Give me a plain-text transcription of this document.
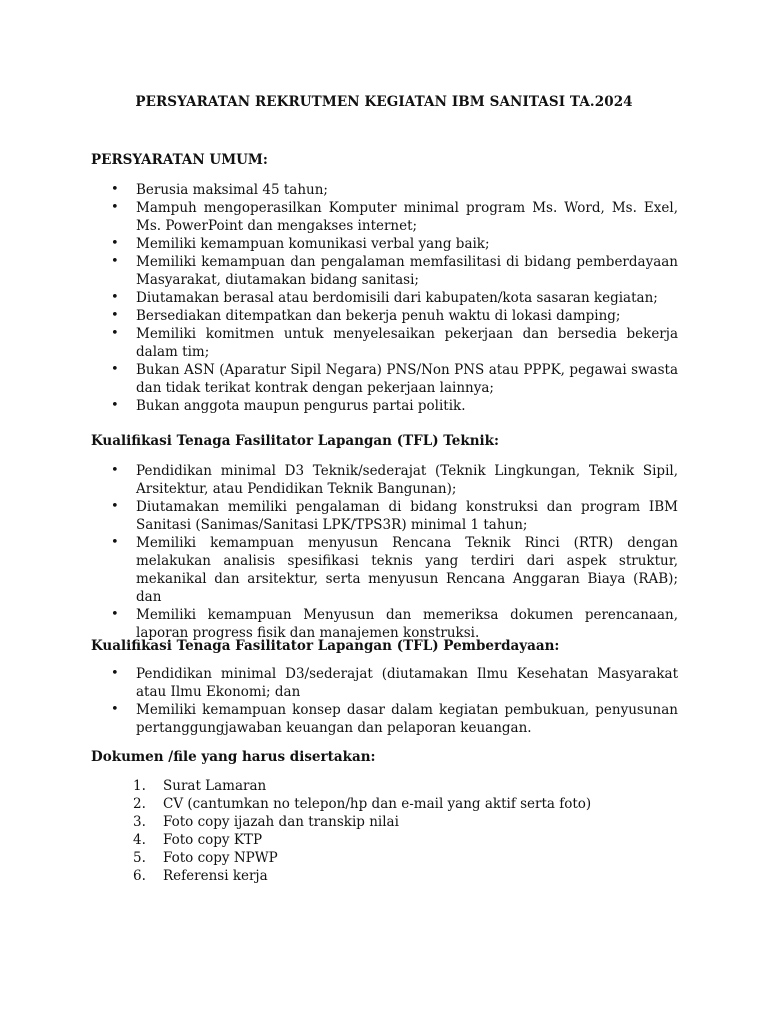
PERSYARATAN REKRUTMEN KEGIATAN IBM SANITASI TA.2024
PERSYARATAN UMUM:
•	Berusia maksimal 45 tahun;
•	Mampuh mengoperasilkan Komputer minimal program Ms. Word, Ms. Exel, Ms. PowerPoint dan mengakses internet;
•	Memiliki kemampuan komunikasi verbal yang baik;
•	Memiliki kemampuan dan pengalaman memfasilitasi di bidang pemberdayaan Masyarakat, diutamakan bidang sanitasi;
•	Diutamakan berasal atau berdomisili dari kabupaten/kota sasaran kegiatan;
•	Bersediakan ditempatkan dan bekerja penuh waktu di lokasi damping;
•	Memiliki komitmen untuk menyelesaikan pekerjaan dan bersedia bekerja dalam tim;
•	Bukan ASN (Aparatur Sipil Negara) PNS/Non PNS atau PPPK, pegawai swasta dan tidak terikat kontrak dengan pekerjaan lainnya;
•	Bukan anggota maupun pengurus partai politik.
Kualifikasi Tenaga Fasilitator Lapangan (TFL) Teknik:
•	Pendidikan minimal D3 Teknik/sederajat (Teknik Lingkungan, Teknik Sipil, Arsitektur, atau Pendidikan Teknik Bangunan);
•	Diutamakan memiliki pengalaman di bidang konstruksi dan program IBM Sanitasi (Sanimas/Sanitasi LPK/TPS3R) minimal 1 tahun;
•	Memiliki kemampuan menyusun Rencana Teknik Rinci (RTR) dengan melakukan analisis spesifikasi teknis yang terdiri dari aspek struktur, mekanikal dan arsitektur, serta menyusun Rencana Anggaran Biaya (RAB); dan
•	Memiliki kemampuan Menyusun dan memeriksa dokumen perencanaan, laporan progress fisik dan manajemen konstruksi.
Kualifikasi Tenaga Fasilitator Lapangan (TFL) Pemberdayaan:
•	Pendidikan minimal D3/sederajat (diutamakan Ilmu Kesehatan Masyarakat atau Ilmu Ekonomi; dan
•	Memiliki kemampuan konsep dasar dalam kegiatan pembukuan, penyusunan pertanggungjawaban keuangan dan pelaporan keuangan.
Dokumen /file yang harus disertakan:
1.	Surat Lamaran
2.	CV (cantumkan no telepon/hp dan e-mail yang aktif serta foto)
3.	Foto copy ijazah dan transkip nilai
4.	Foto copy KTP
5.	Foto copy NPWP
6.	Referensi kerja
